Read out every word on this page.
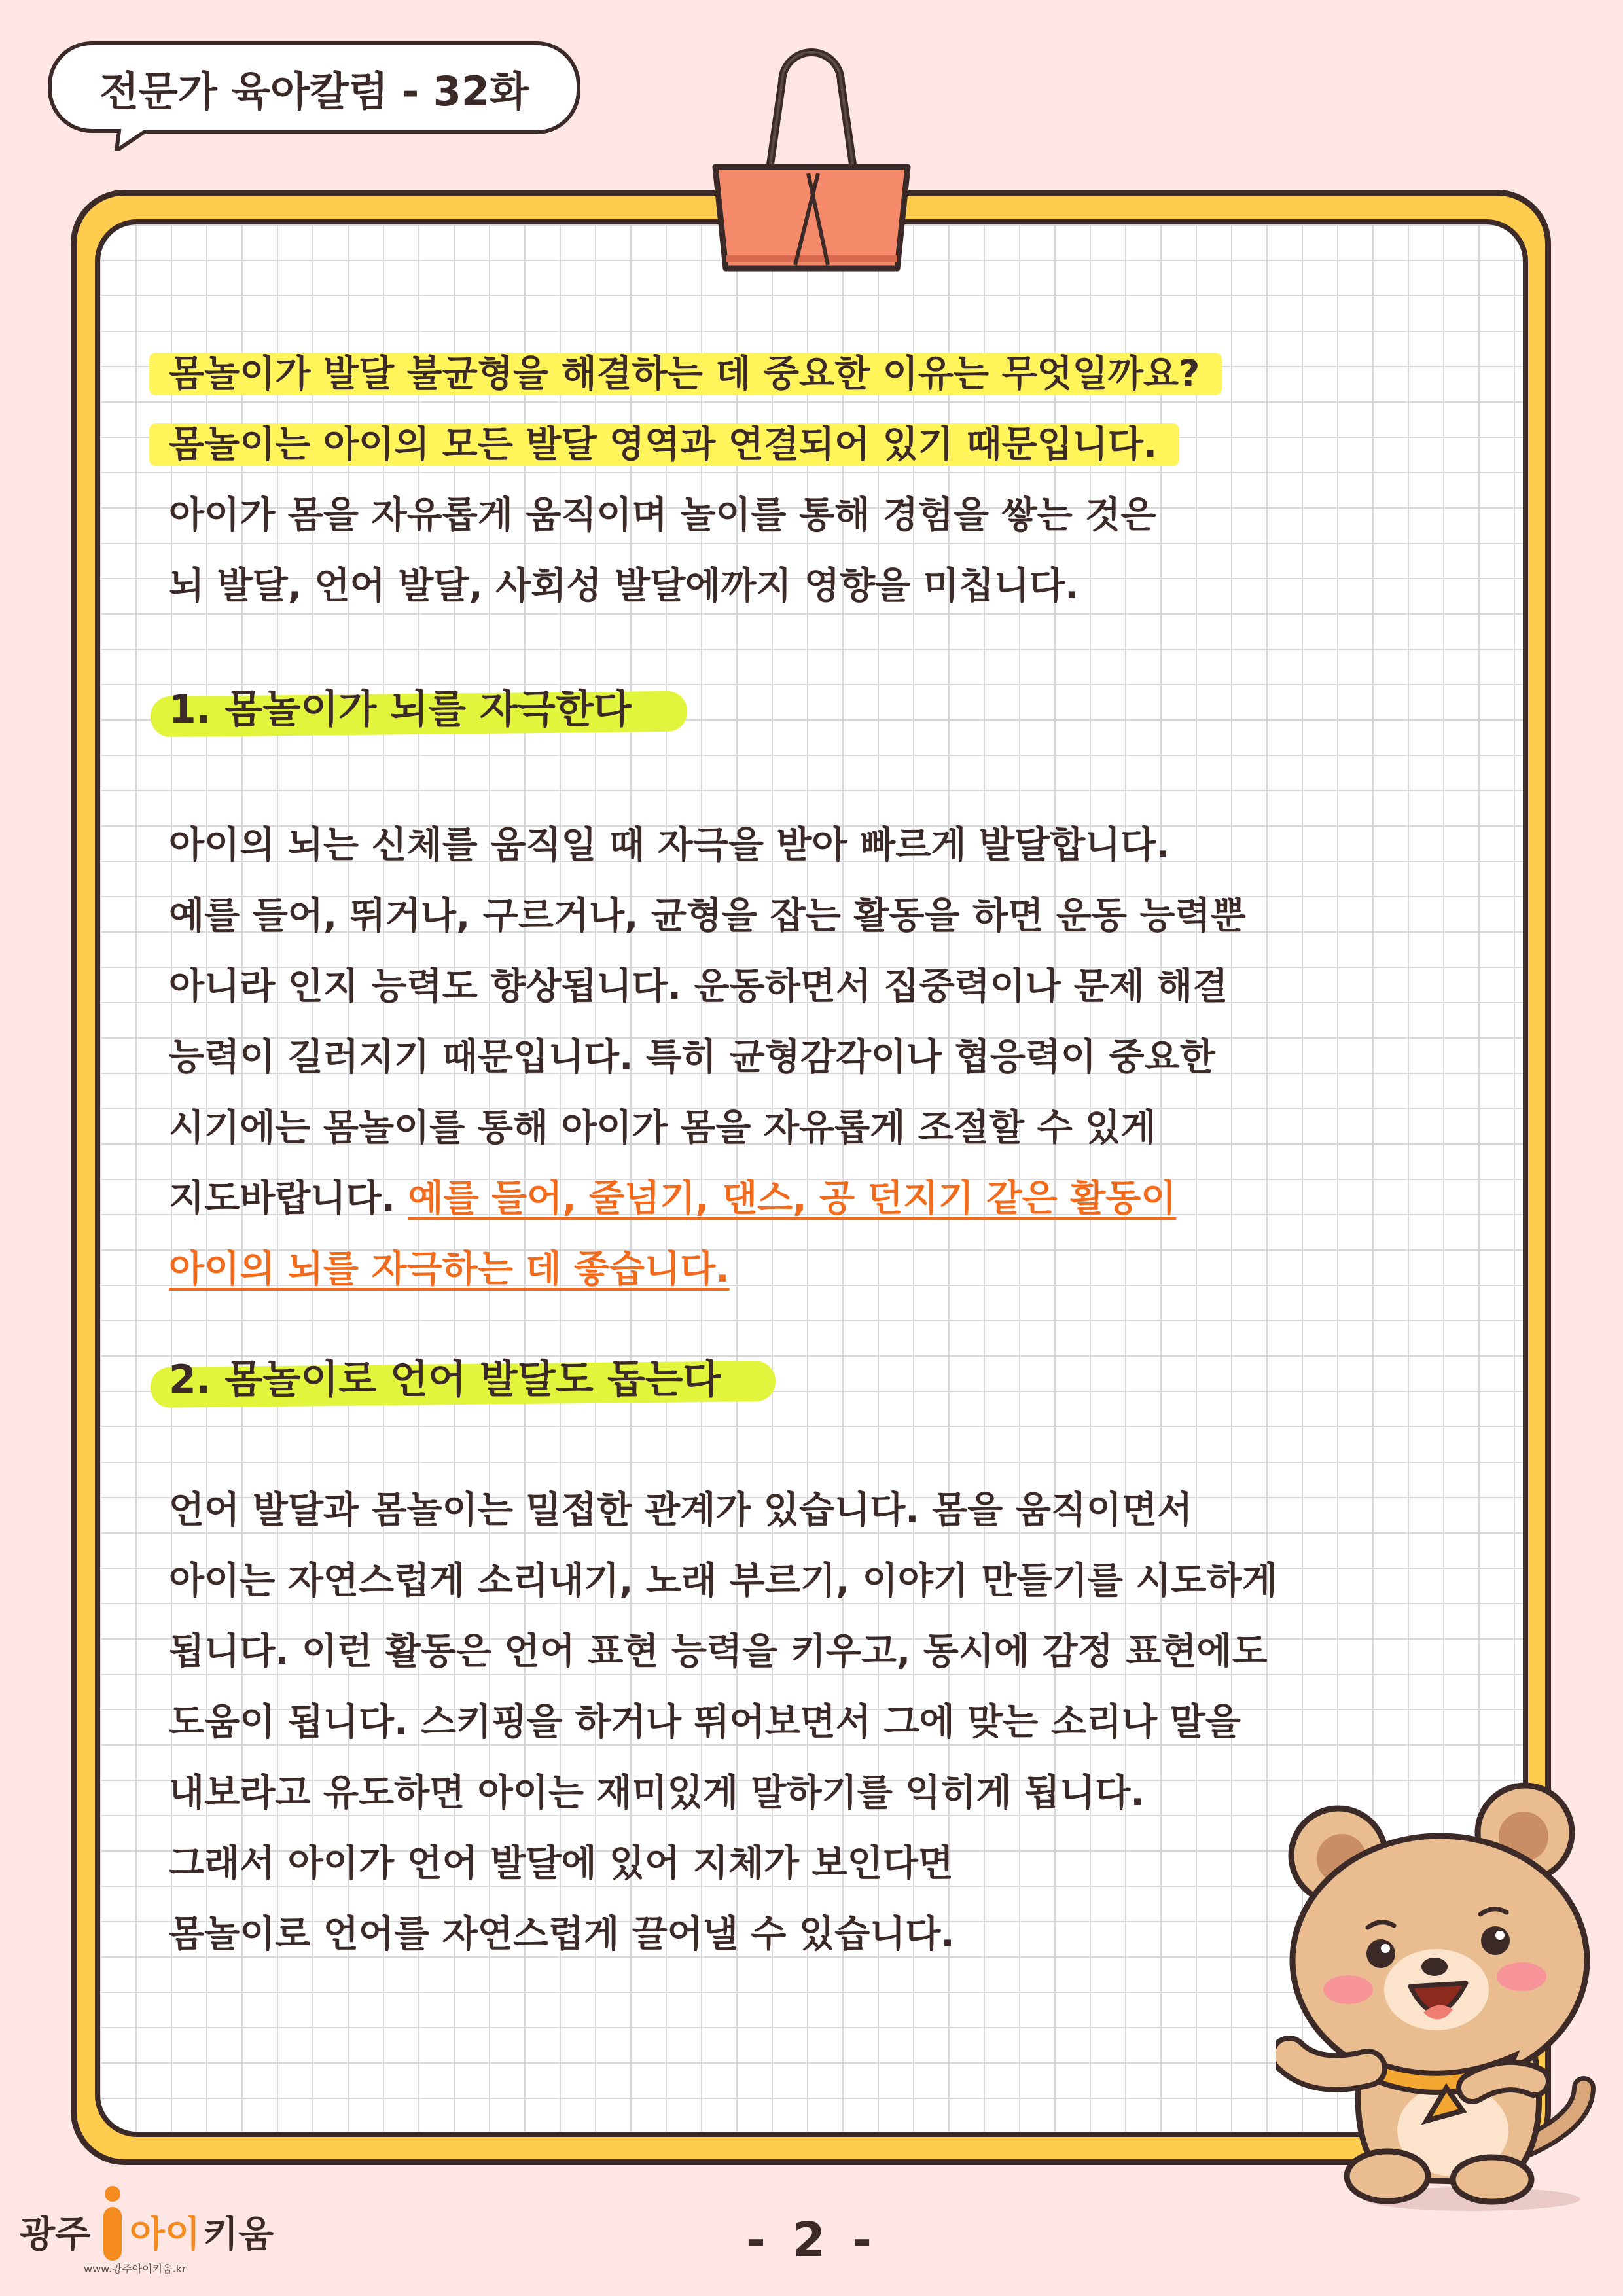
전문가 육아칼럼 - 32화
몸놀이가 발달 불균형을 해결하는 데 중요한 이유는 무엇일까요?
몸놀이는 아이의 모든 발달 영역과 연결되어 있기 때문입니다.
아이가 몸을 자유롭게 움직이며 놀이를 통해 경험을 쌓는 것은
뇌 발달, 언어 발달, 사회성 발달에까지 영향을 미칩니다.
1. 몸놀이가 뇌를 자극한다
아이의 뇌는 신체를 움직일 때 자극을 받아 빠르게 발달합니다.
예를 들어, 뛰거나, 구르거나, 균형을 잡는 활동을 하면 운동 능력뿐
아니라 인지 능력도 향상됩니다. 운동하면서 집중력이나 문제 해결
능력이 길러지기 때문입니다. 특히 균형감각이나 협응력이 중요한
시기에는 몸놀이를 통해 아이가 몸을 자유롭게 조절할 수 있게
지도바랍니다. 예를 들어, 줄넘기, 댄스, 공 던지기 같은 활동이
아이의 뇌를 자극하는 데 좋습니다.
2. 몸놀이로 언어 발달도 돕는다
언어 발달과 몸놀이는 밀접한 관계가 있습니다. 몸을 움직이면서
아이는 자연스럽게 소리내기, 노래 부르기, 이야기 만들기를 시도하게
됩니다. 이런 활동은 언어 표현 능력을 키우고, 동시에 감정 표현에도
도움이 됩니다. 스키핑을 하거나 뛰어보면서 그에 맞는 소리나 말을
내보라고 유도하면 아이는 재미있게 말하기를 익히게 됩니다.
그래서 아이가 언어 발달에 있어 지체가 보인다면
몸놀이로 언어를 자연스럽게 끌어낼 수 있습니다.
광주 아이 키움
www.광주아이키움.kr
- 2 -
